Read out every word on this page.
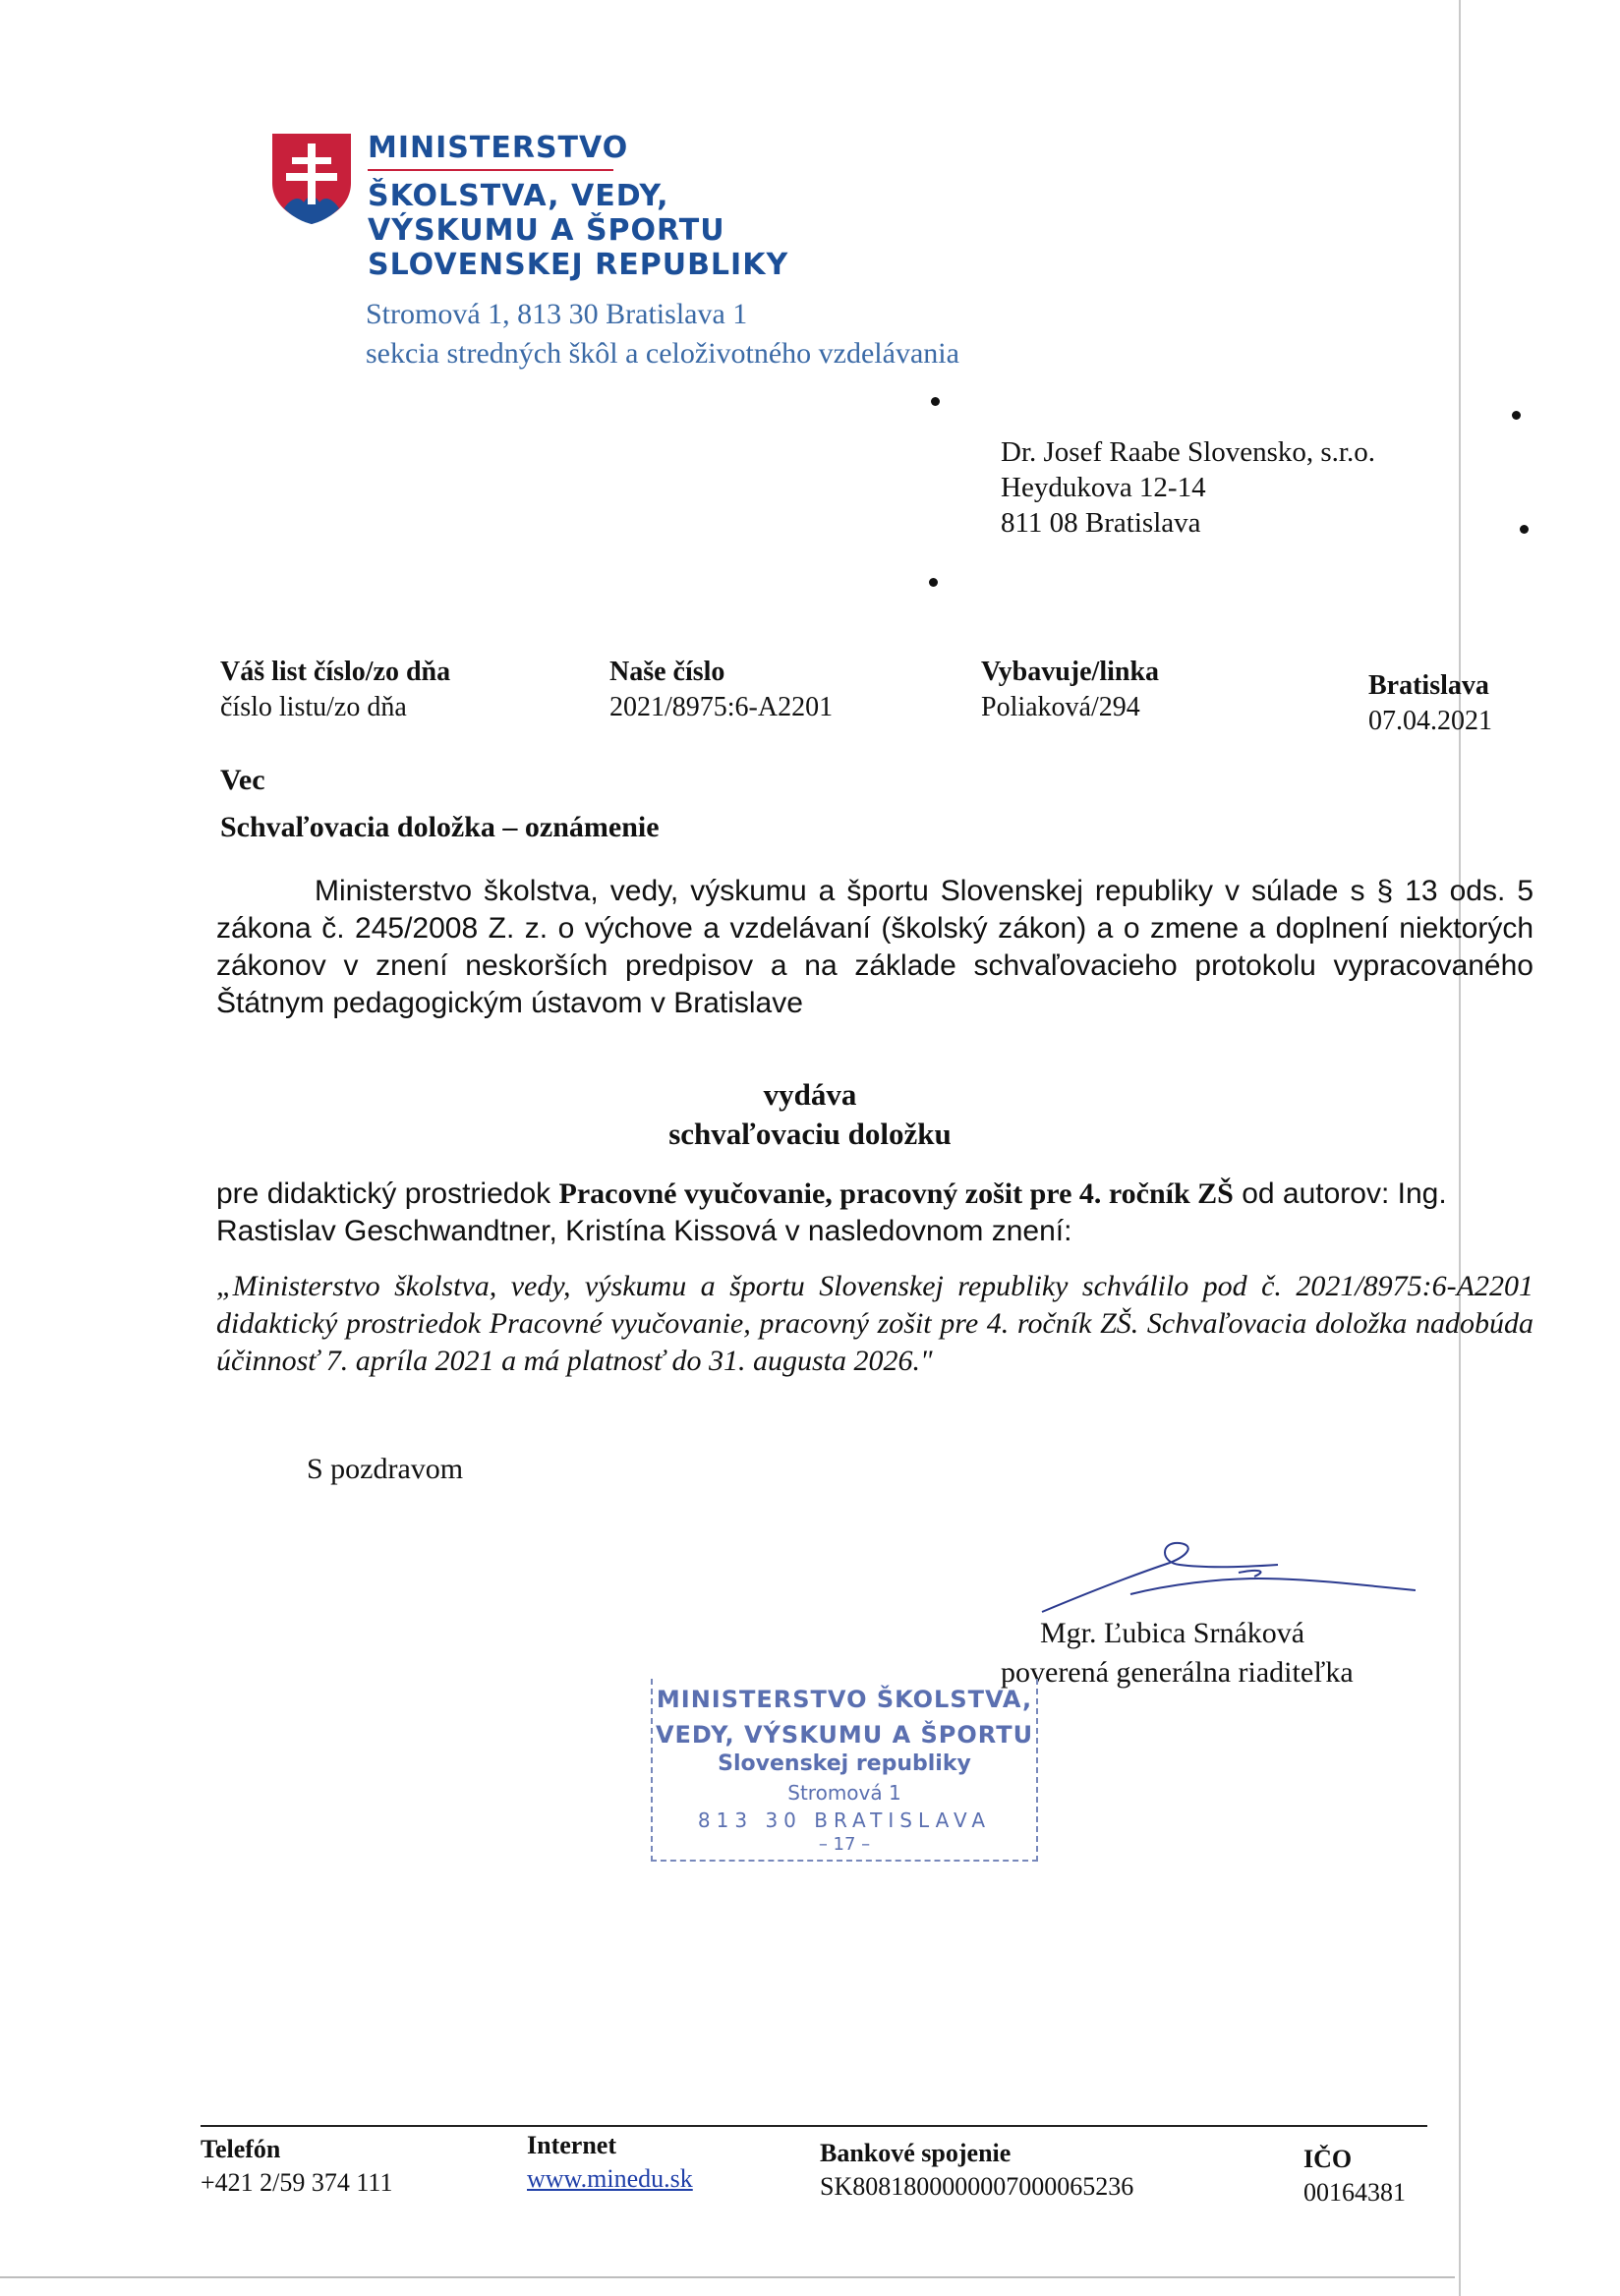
MINISTERSTVO
ŠKOLSTVA, VEDY,
VÝSKUMU A ŠPORTU
SLOVENSKEJ REPUBLIKY
Stromová 1, 813 30 Bratislava 1
sekcia stredných škôl a celoživotného vzdelávania
Dr. Josef Raabe Slovensko, s.r.o.
Heydukova 12-14
811 08 Bratislava
Váš list číslo/zo dňa
číslo listu/zo dňa
Naše číslo
2021/8975:6-A2201
Vybavuje/linka
Poliaková/294
Bratislava
07.04.2021
Vec
Schvaľovacia doložka – oznámenie
Ministerstvo školstva, vedy, výskumu a športu Slovenskej republiky v súlade s § 13 ods. 5 zákona č. 245/2008 Z. z. o výchove a vzdelávaní (školský zákon) a o zmene a doplnení niektorých zákonov v znení neskorších predpisov a na základe schvaľovacieho protokolu vypracovaného Štátnym pedagogickým ústavom v Bratislave
vydáva
schvaľovaciu doložku
pre didaktický prostriedok Pracovné vyučovanie, pracovný zošit pre 4. ročník ZŠ od autorov: Ing. Rastislav Geschwandtner, Kristína Kissová v nasledovnom znení:
„Ministerstvo školstva, vedy, výskumu a športu Slovenskej republiky schválilo pod č. 2021/8975:6-A2201 didaktický prostriedok Pracovné vyučovanie, pracovný zošit pre 4. ročník ZŠ. Schvaľovacia doložka nadobúda účinnosť 7. apríla 2021 a má platnosť do 31. augusta 2026."
S pozdravom
Mgr. Ľubica Srnáková
poverená generálna riaditeľka
MINISTERSTVO ŠKOLSTVA,
VEDY, VÝSKUMU A ŠPORTU
Slovenskej republiky
Stromová 1
813 30 BRATISLAVA
– 17 –
Telefón
+421 2/59 374 111
Internet
www.minedu.sk
Bankové spojenie
SK8081800000007000065236
IČO
00164381
